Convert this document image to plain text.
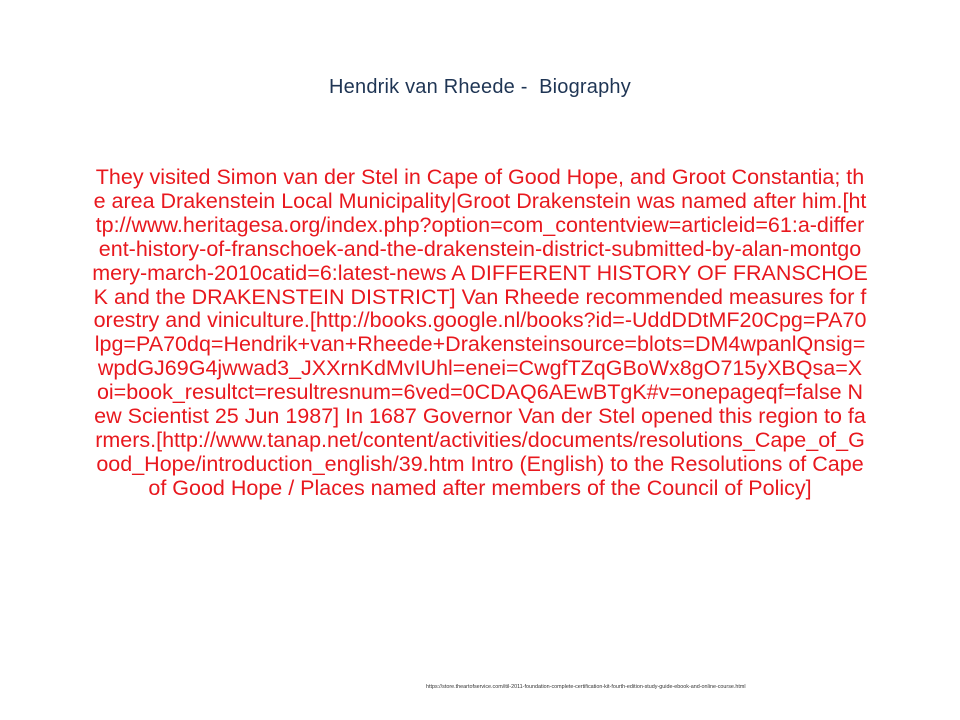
Hendrik van Rheede -  Biography
They visited Simon van der Stel in Cape of Good Hope, and Groot Constantia; the area Drakenstein Local Municipality|Groot Drakenstein was named after him.[http://www.heritagesa.org/index.php?option=com_contentview=articleid=61:a-different-history-of-franschoek-and-the-drakenstein-district-submitted-by-alan-montgomery-march-2010catid=6:latest-news A DIFFERENT HISTORY OF FRANSCHOEK and the DRAKENSTEIN DISTRICT] Van Rheede recommended measures for forestry and viniculture.[http://books.google.nl/books?id=-UddDDtMF20Cpg=PA70lpg=PA70dq=Hendrik+van+Rheede+Drakensteinsource=blots=DM4wpanlQnsig=wpdGJ69G4jwwad3_JXXrnKdMvIUhl=enei=CwgfTZqGBoWx8gO715yXBQsa=Xoi=book_resultct=resultresnum=6ved=0CDAQ6AEwBTgK#v=onepageqf=false New Scientist 25 Jun 1987] In 1687 Governor Van der Stel opened this region to farmers.[http://www.tanap.net/content/activities/documents/resolutions_Cape_of_Good_Hope/introduction_english/39.htm Intro (English) to the Resolutions of Cape of Good Hope / Places named after members of the Council of Policy]
https://store.theartofservice.com/itil-2011-foundation-complete-certification-kit-fourth-edition-study-guide-ebook-and-online-course.html
